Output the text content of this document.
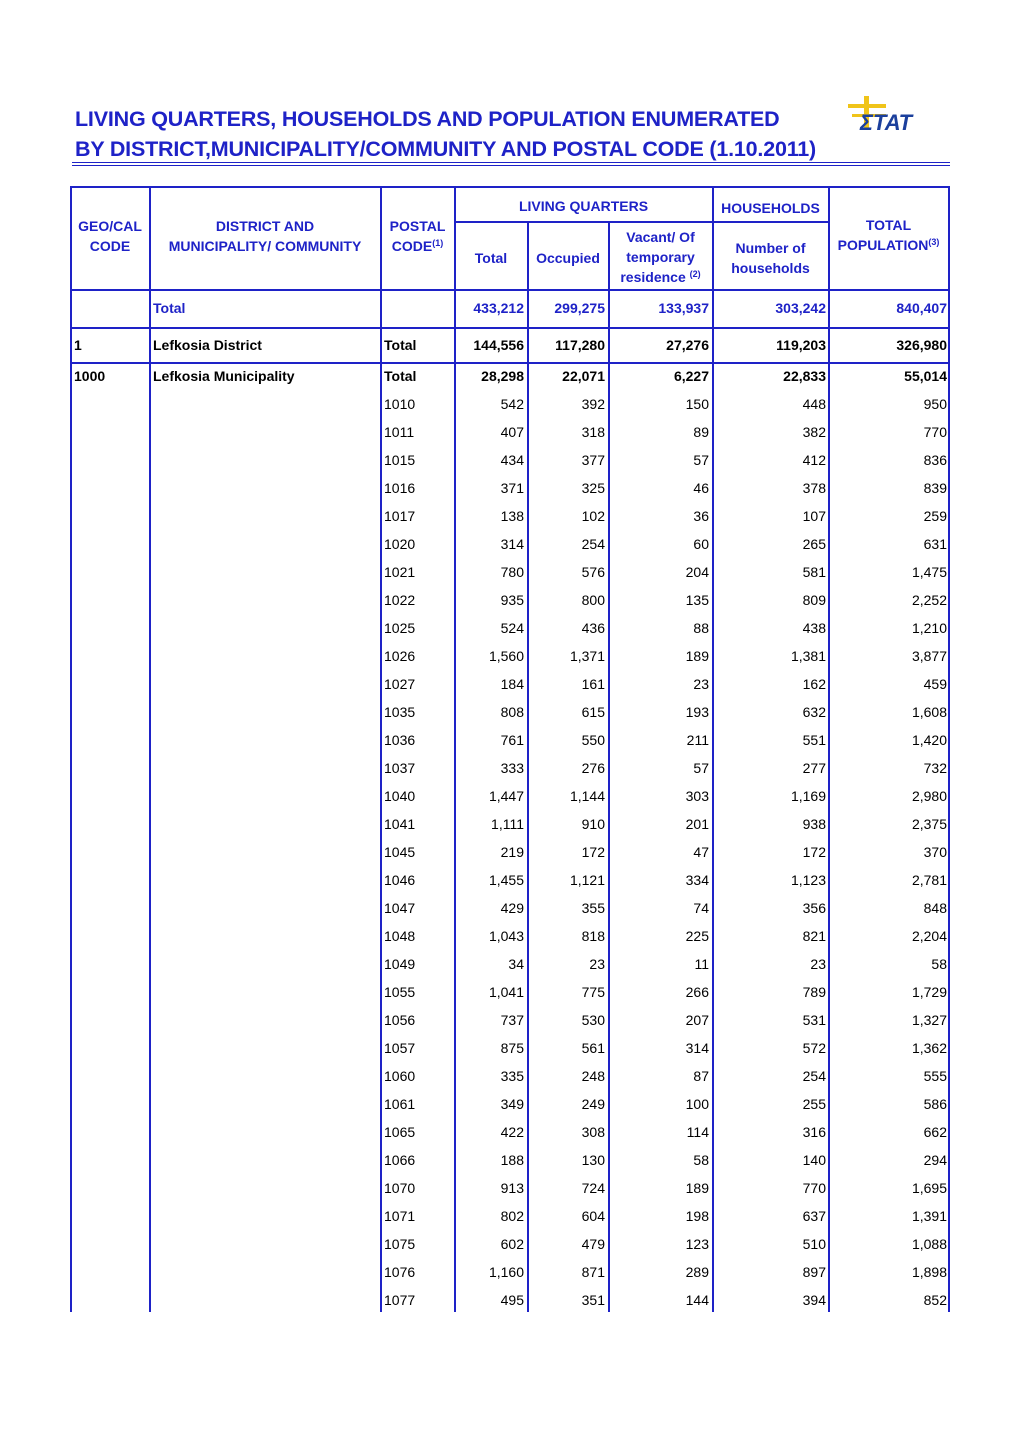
LIVING QUARTERS, HOUSEHOLDS AND POPULATION ENUMERATED
BY DISTRICT,MUNICIPALITY/COMMUNITY AND POSTAL CODE (1.10.2011)
ΣΤΑΤ
GEO/CAL
CODE
DISTRICT AND
MUNICIPALITY/ COMMUNITY
POSTAL
CODE$^{(1)}$
LIVING QUARTERS	HOUSEHOLDS
TOTAL
POPULATION$^{(3)}$
Total	Occupied
Vacant/ Of
temporary
residence $^{(2)}$
Number of
households
Total	433,212 299,275	133,937	303,242	840,407
1	Lefkosia District	Total	144,556 117,280	27,276	119,203	326,980
1000	Lefkosia Municipality	Total	28,298	22,071	6,227	22,833	55,014
1010	542	392	150	448	950
1011	407	318	89	382	770
1015	434	377	57	412	836
1016	371	325	46	378	839
1017	138	102	36	107	259
1020	314	254	60	265	631
1021	780	576	204	581	1,475
1022	935	800	135	809	2,252
1025	524	436	88	438	1,210
1026	1,560	1,371	189	1,381	3,877
1027	184	161	23	162	459
1035	808	615	193	632	1,608
1036	761	550	211	551	1,420
1037	333	276	57	277	732
1040	1,447	1,144	303	1,169	2,980
1041	1,111	910	201	938	2,375
1045	219	172	47	172	370
1046	1,455	1,121	334	1,123	2,781
1047	429	355	74	356	848
1048	1,043	818	225	821	2,204
1049	34	23	11	23	58
1055	1,041	775	266	789	1,729
1056	737	530	207	531	1,327
1057	875	561	314	572	1,362
1060	335	248	87	254	555
1061	349	249	100	255	586
1065	422	308	114	316	662
1066	188	130	58	140	294
1070	913	724	189	770	1,695
1071	802	604	198	637	1,391
1075	602	479	123	510	1,088
1076	1,160	871	289	897	1,898
1077	495	351	144	394	852
